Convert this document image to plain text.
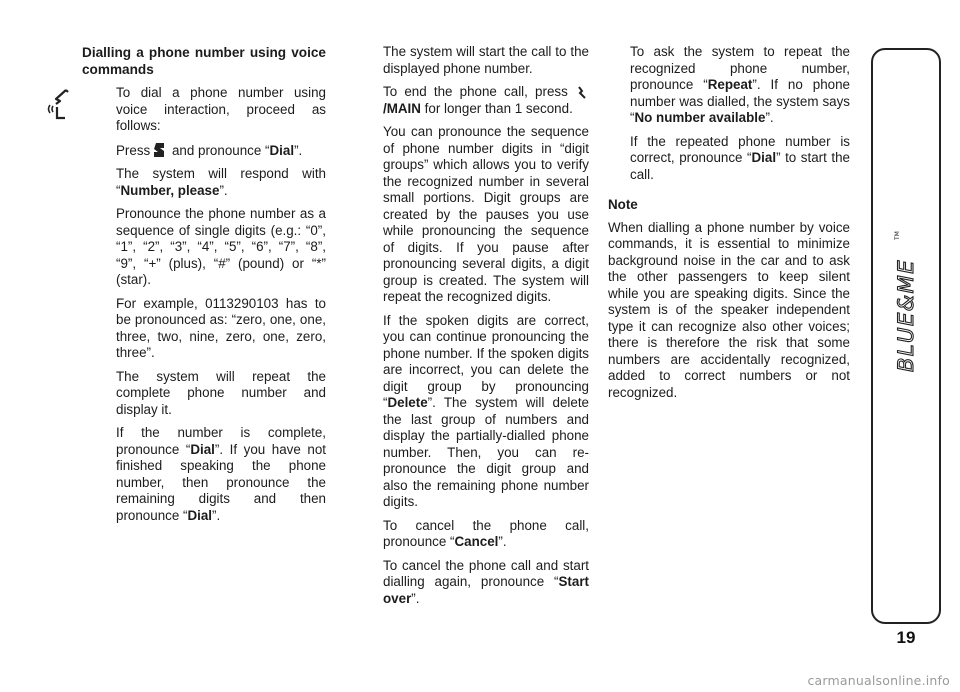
Dialling a phone number using voice commands

To dial a phone number using voice interaction, proceed as follows:

Press and pronounce “Dial”.

The system will respond with “Number, please”.

Pronounce the phone number as a sequence of single digits (e.g.: “0”, “1”, “2”, “3”, “4”, “5”, “6”, “7”, “8”, “9”, “+” (plus), “#” (pound) or “*” (star).

For example, 0113290103 has to be pronounced as: “zero, one, one, three, two, nine, zero, one, zero, three”.

The system will repeat the complete phone number and display it.

If the number is complete, pronounce “Dial”. If you have not finished speaking the phone number, then pronounce the remaining digits and then pronounce “Dial”.

The system will start the call to the displayed phone number.

To end the phone call, press /MAIN for longer than 1 second.

You can pronounce the sequence of phone number digits in “digit groups” which allows you to verify the recognized number in several small portions. Digit groups are created by the pauses you use while pronouncing the sequence of digits. If you pause after pronouncing several digits, a digit group is created. The system will repeat the recognized digits.

If the spoken digits are correct, you can continue pronouncing the phone number. If the spoken digits are incorrect, you can delete the digit group by pronouncing “Delete”. The system will delete the last group of numbers and display the partially-dialled phone number. Then, you can re-pronounce the digit group and also the remaining phone number digits.

To cancel the phone call, pronounce “Cancel”.

To cancel the phone call and start dialling again, pronounce “Start over”.

To ask the system to repeat the recognized phone number, pronounce “Repeat”. If no phone number was dialled, the system says “No number available”.

If the repeated phone number is correct, pronounce “Dial” to start the call.

Note

When dialling a phone number by voice commands, it is essential to minimize background noise in the car and to ask the other passengers to keep silent while you are speaking digits. Since the system is of the speaker independent type it can recognize also other voices; there is therefore the risk that some numbers are accidentally recognized, added to correct numbers or not recognized.

BLUE&ME
TM
19
carmanualsonline.info
